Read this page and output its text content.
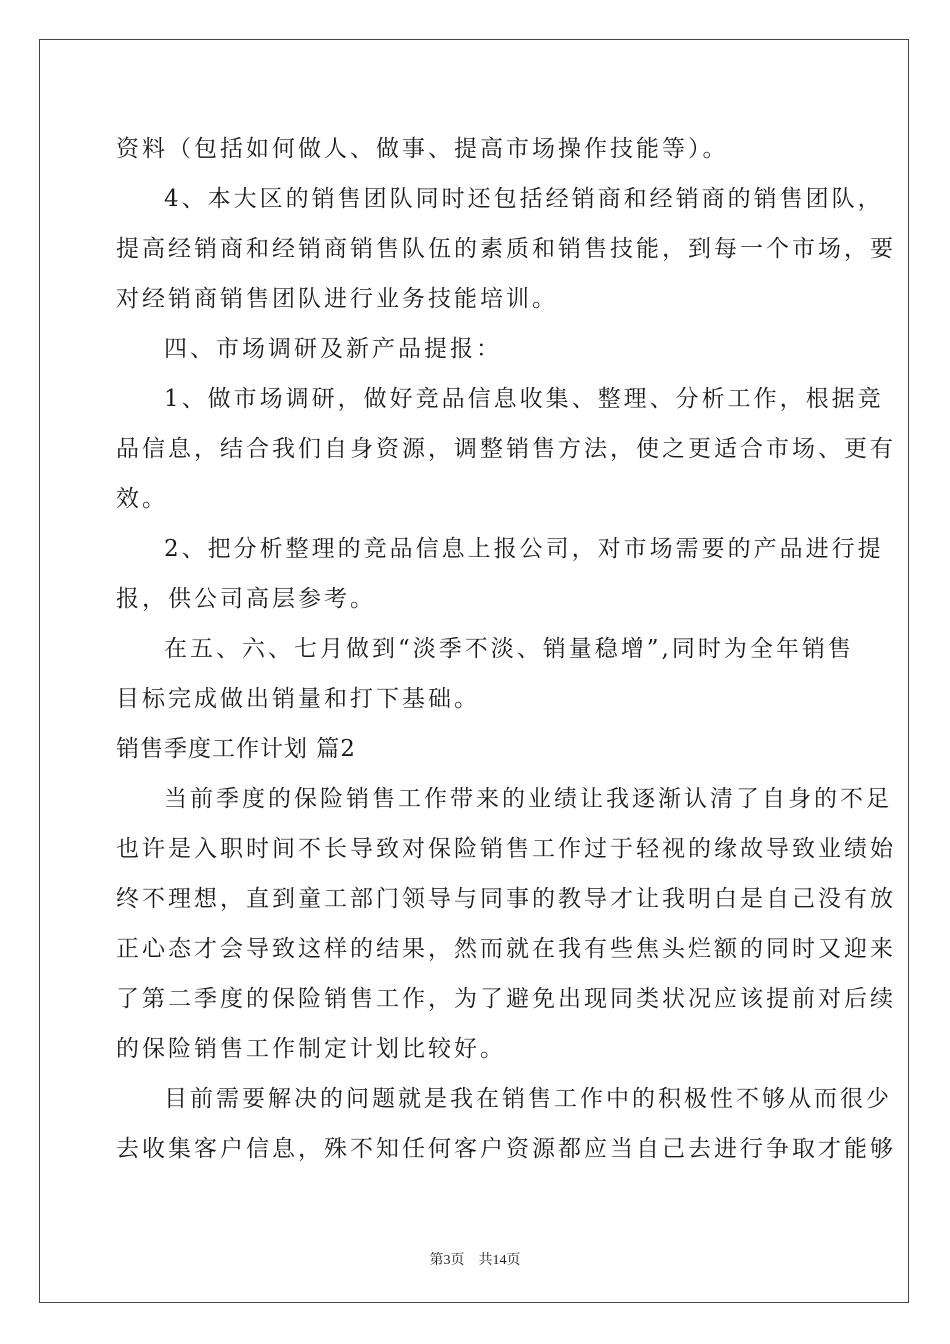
资料（包括如何做人、做事、提高市场操作技能等）。
4、本大区的销售团队同时还包括经销商和经销商的销售团队，
提高经销商和经销商销售队伍的素质和销售技能，到每一个市场，要
对经销商销售团队进行业务技能培训。
四、市场调研及新产品提报：
1、做市场调研，做好竞品信息收集、整理、分析工作，根据竞
品信息，结合我们自身资源，调整销售方法，使之更适合市场、更有
效。
2、把分析整理的竞品信息上报公司，对市场需要的产品进行提
报，供公司高层参考。
在五、六、七月做到“淡季不淡、销量稳增”,同时为全年销售
目标完成做出销量和打下基础。
销售季度工作计划 篇2
当前季度的保险销售工作带来的业绩让我逐渐认清了自身的不足
也许是入职时间不长导致对保险销售工作过于轻视的缘故导致业绩始
终不理想，直到童工部门领导与同事的教导才让我明白是自己没有放
正心态才会导致这样的结果，然而就在我有些焦头烂额的同时又迎来
了第二季度的保险销售工作，为了避免出现同类状况应该提前对后续
的保险销售工作制定计划比较好。
目前需要解决的问题就是我在销售工作中的积极性不够从而很少
去收集客户信息，殊不知任何客户资源都应当自己去进行争取才能够
第3页　共14页
